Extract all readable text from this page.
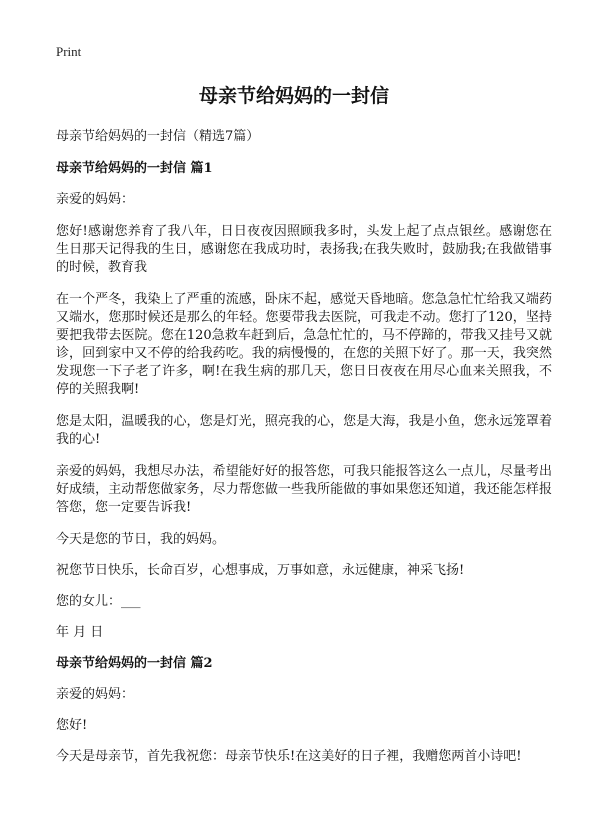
Print
母亲节给妈妈的一封信
母亲节给妈妈的一封信（精选7篇）
母亲节给妈妈的一封信 篇1

亲爱的妈妈：

您好!感谢您养育了我八年，日日夜夜因照顾我多时，头发上起了点点银丝。感谢您在生日那天记得我的生日，感谢您在我成功时，表扬我;在我失败时，鼓励我;在我做错事的时候，教育我

在一个严冬，我染上了严重的流感，卧床不起，感觉天昏地暗。您急急忙忙给我又端药又端水，您那时候还是那么的年轻。您要带我去医院，可我走不动。您打了120，坚持要把我带去医院。您在120急救车赶到后，急急忙忙的，马不停蹄的，带我又挂号又就诊，回到家中又不停的给我药吃。我的病慢慢的，在您的关照下好了。那一天，我突然发现您一下子老了许多，啊!在我生病的那几天，您日日夜夜在用尽心血来关照我，不停的关照我啊!

您是太阳，温暖我的心，您是灯光，照亮我的心，您是大海，我是小鱼，您永远笼罩着我的心!

亲爱的妈妈，我想尽办法，希望能好好的报答您，可我只能报答这么一点儿，尽量考出好成绩，主动帮您做家务，尽力帮您做一些我所能做的事如果您还知道，我还能怎样报答您，您一定要告诉我!

今天是您的节日，我的妈妈。

祝您节日快乐，长命百岁，心想事成，万事如意，永远健康，神采飞扬!

您的女儿：___

年 月 日

母亲节给妈妈的一封信 篇2

亲爱的妈妈：

您好!

今天是母亲节，首先我祝您：母亲节快乐!在这美好的日子裡，我赠您两首小诗吧!
